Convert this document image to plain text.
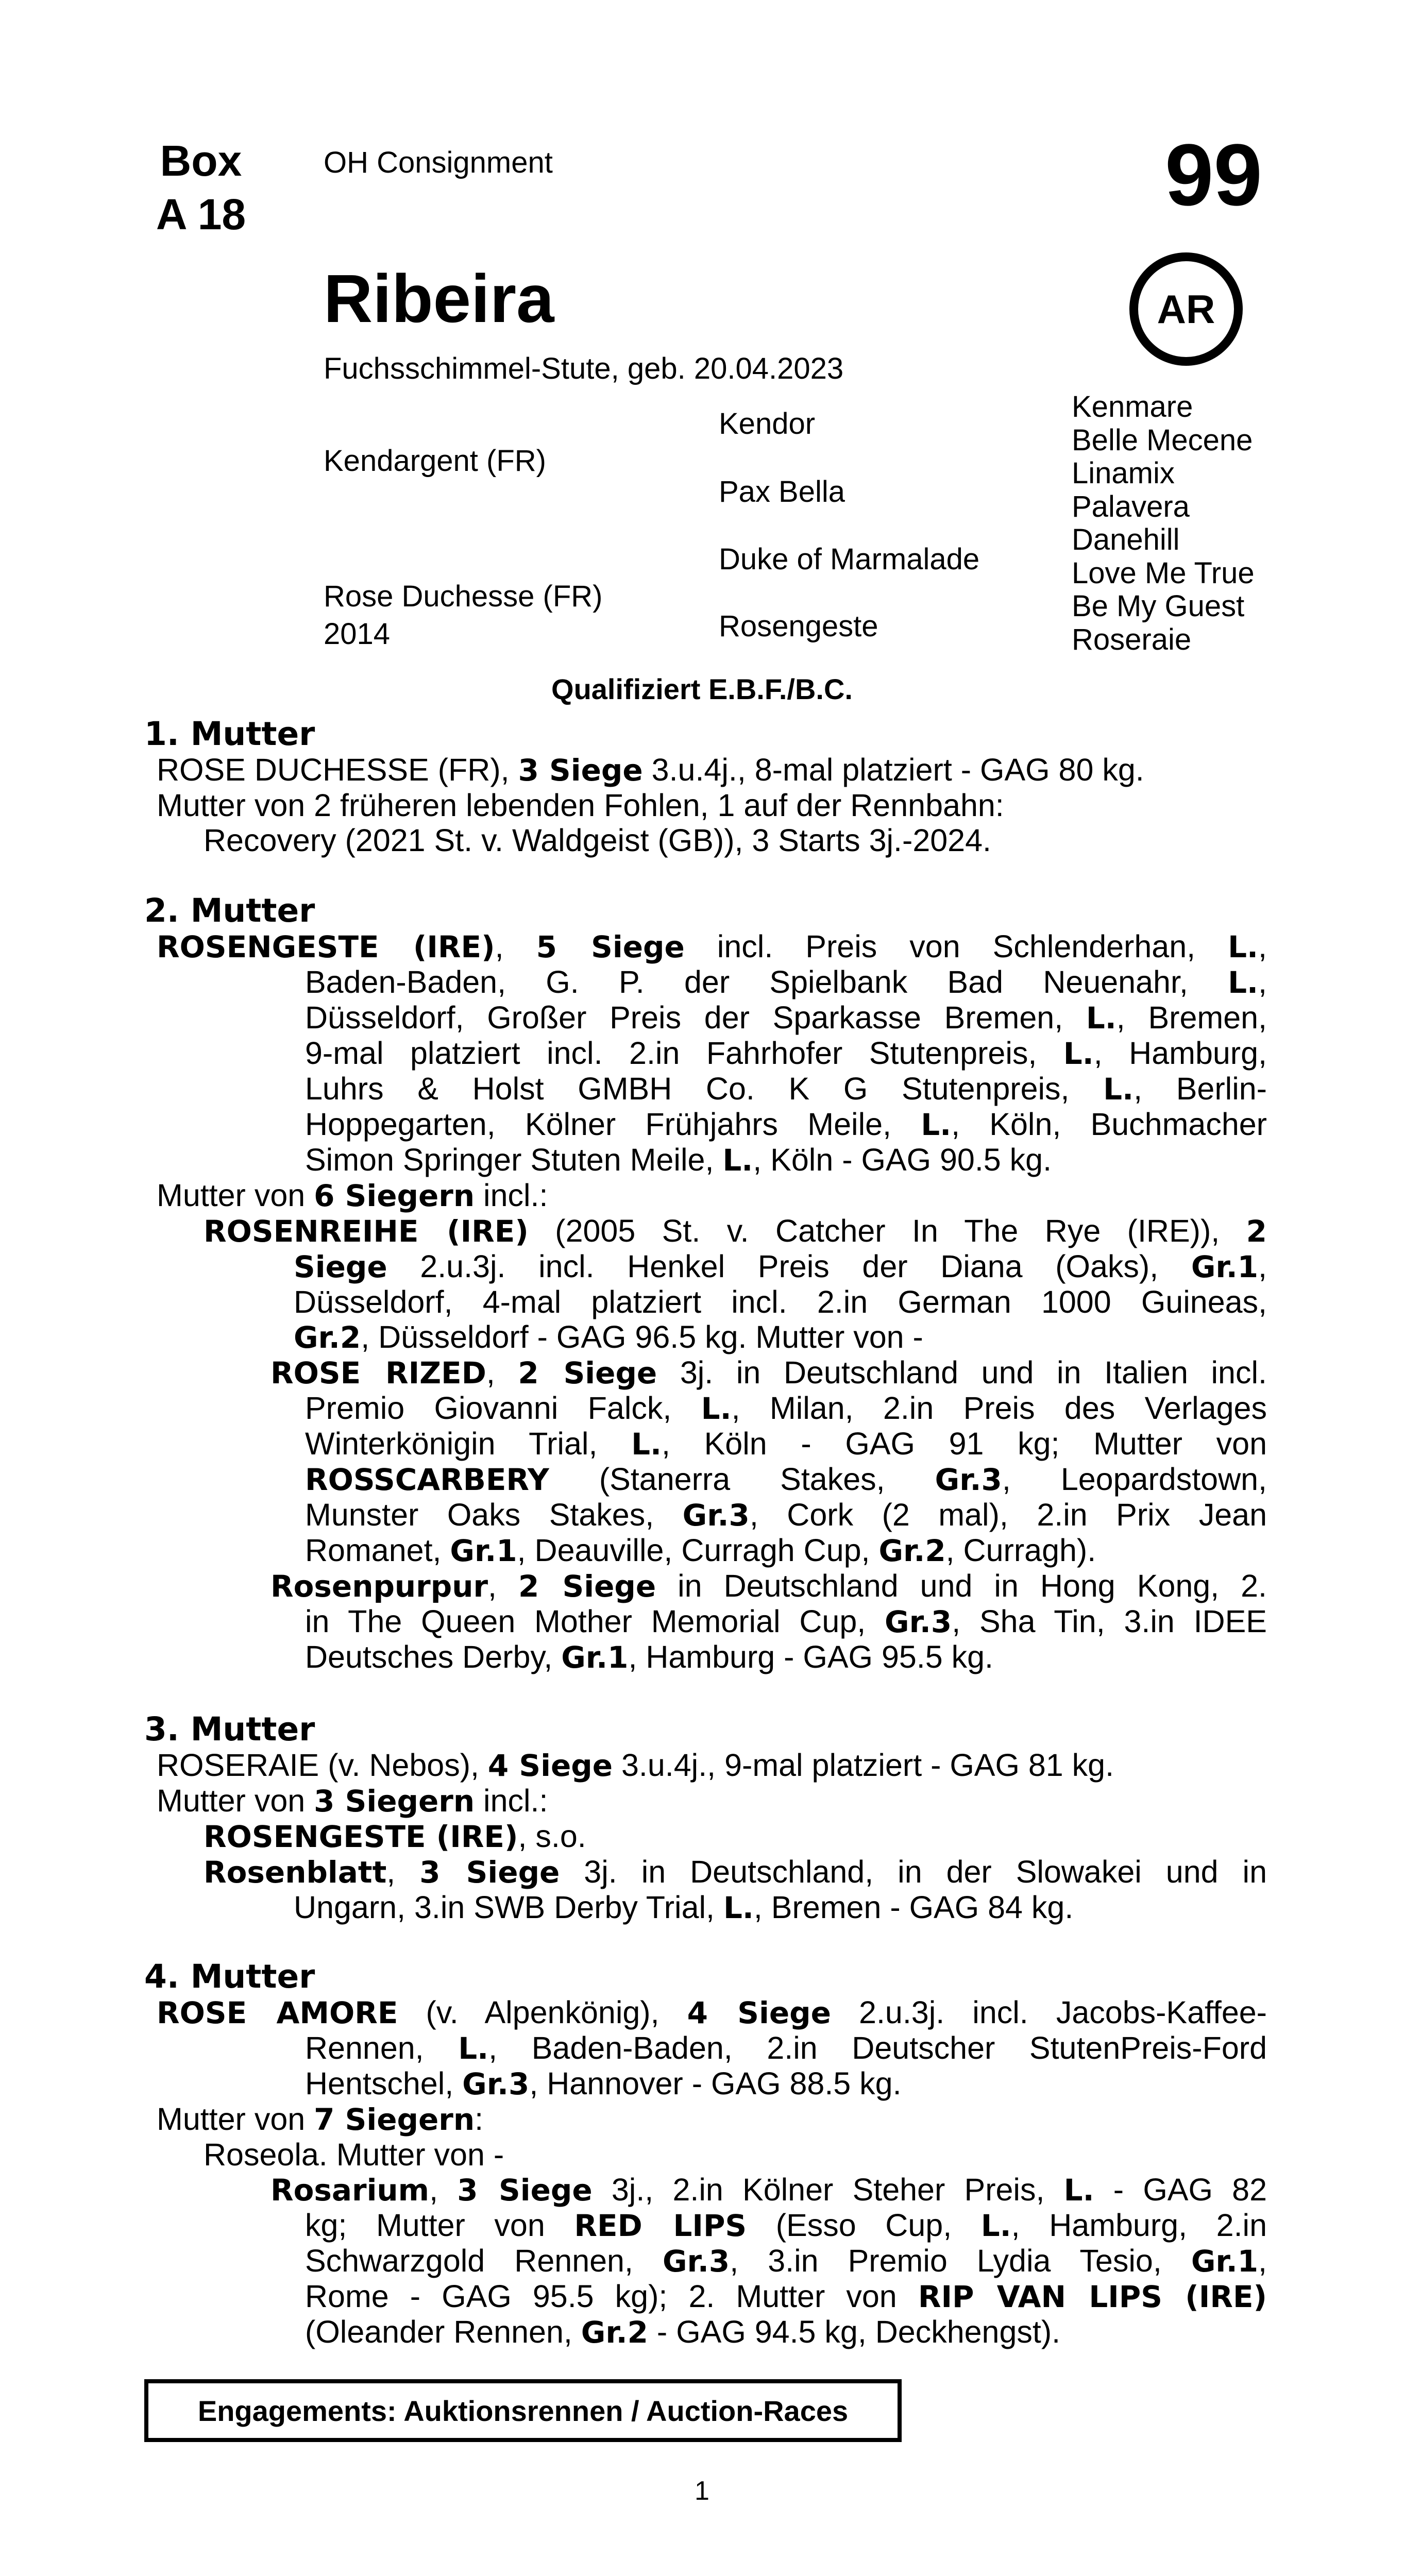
Box
A 18
OH Consignment	99
AR
Ribeira
Fuchsschimmel-Stute, geb. 20.04.2023
Kendargent (FR)
Rose Duchesse (FR)
2014
Kendor
Pax Bella
Duke of Marmalade
Rosengeste
Kenmare
Belle Mecene
Linamix
Palavera
Danehill
Love Me True
Be My Guest
Roseraie
Qualifiziert E.B.F./B.C.
1. Mutter
ROSE DUCHESSE (FR), 3 Siege 3.u.4j., 8-mal platziert - GAG 80 kg.
Mutter von 2 früheren lebenden Fohlen, 1 auf der Rennbahn:
Recovery (2021 St. v. Waldgeist (GB)), 3 Starts 3j.-2024.
2. Mutter
ROSENGESTE (IRE), 5 Siege incl. Preis von Schlenderhan, L.,
Baden-Baden, G. P. der Spielbank Bad Neuenahr, L.,
Düsseldorf, Großer Preis der Sparkasse Bremen, L., Bremen,
9-mal platziert incl. 2.in Fahrhofer Stutenpreis, L., Hamburg,
Luhrs & Holst GMBH Co. K G Stutenpreis, L., Berlin-
Hoppegarten, Kölner Frühjahrs Meile, L., Köln, Buchmacher
Simon Springer Stuten Meile, L., Köln - GAG 90.5 kg.
Mutter von 6 Siegern incl.:
ROSENREIHE (IRE) (2005 St. v. Catcher In The Rye (IRE)), 2
Siege 2.u.3j. incl. Henkel Preis der Diana (Oaks), Gr.1,
Düsseldorf, 4-mal platziert incl. 2.in German 1000 Guineas,
Gr.2, Düsseldorf - GAG 96.5 kg. Mutter von -
ROSE RIZED, 2 Siege 3j. in Deutschland und in Italien incl.
Premio Giovanni Falck, L., Milan, 2.in Preis des Verlages
Winterkönigin Trial, L., Köln - GAG 91 kg; Mutter von
ROSSCARBERY (Stanerra Stakes, Gr.3, Leopardstown,
Munster Oaks Stakes, Gr.3, Cork (2 mal), 2.in Prix Jean
Romanet, Gr.1, Deauville, Curragh Cup, Gr.2, Curragh).
Rosenpurpur, 2 Siege in Deutschland und in Hong Kong, 2.
in The Queen Mother Memorial Cup, Gr.3, Sha Tin, 3.in IDEE
Deutsches Derby, Gr.1, Hamburg - GAG 95.5 kg.
3. Mutter
ROSERAIE (v. Nebos), 4 Siege 3.u.4j., 9-mal platziert - GAG 81 kg.
Mutter von 3 Siegern incl.:
ROSENGESTE (IRE), s.o.
Rosenblatt, 3 Siege 3j. in Deutschland, in der Slowakei und in
Ungarn, 3.in SWB Derby Trial, L., Bremen - GAG 84 kg.
4. Mutter
ROSE AMORE (v. Alpenkönig), 4 Siege 2.u.3j. incl. Jacobs-Kaffee-
Rennen, L., Baden-Baden, 2.in Deutscher StutenPreis-Ford
Hentschel, Gr.3, Hannover - GAG 88.5 kg.
Mutter von 7 Siegern:
Roseola. Mutter von -
Rosarium, 3 Siege 3j., 2.in Kölner Steher Preis, L. - GAG 82
kg; Mutter von RED LIPS (Esso Cup, L., Hamburg, 2.in
Schwarzgold Rennen, Gr.3, 3.in Premio Lydia Tesio, Gr.1,
Rome - GAG 95.5 kg); 2. Mutter von RIP VAN LIPS (IRE)
(Oleander Rennen, Gr.2 - GAG 94.5 kg, Deckhengst).
Engagements: Auktionsrennen / Auction-Races
1
